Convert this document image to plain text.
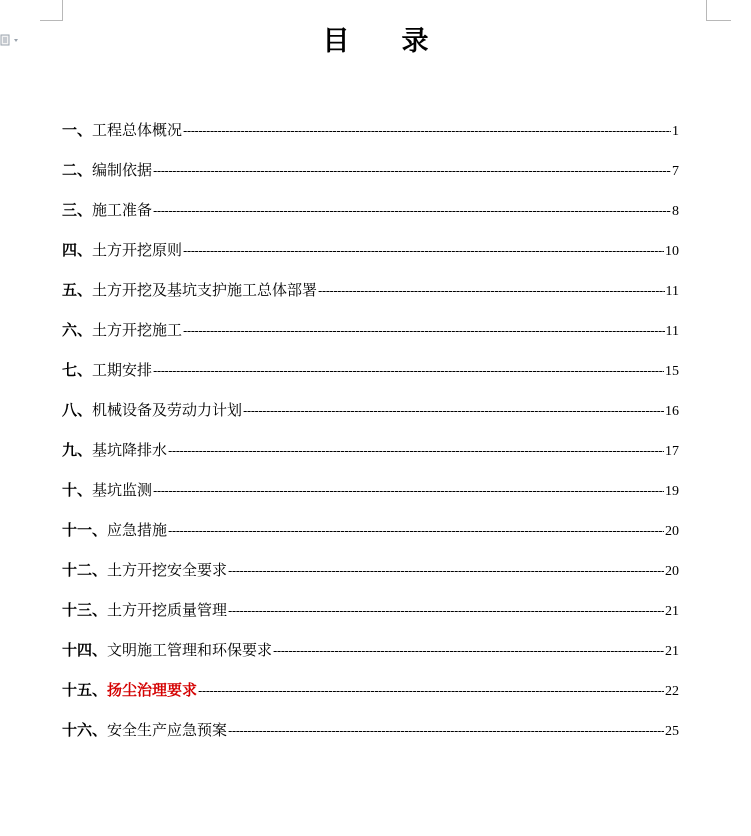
目 录
一、 工程总体概况 -----	1
二、 编制依据 -----	7
三、 施工准备 -----	8
四、 土方开挖原则 -----	10
五、 土方开挖及基坑支护施工总体部署 -----	11
六、 土方开挖施工 -----	11
七、 工期安排 -----	15
八、 机械设备及劳动力计划 -----	16
九、 基坑降排水 -----	17
十、 基坑监测 -----	19
十一、 应急措施 -----	20
十二、 土方开挖安全要求 -----	20
十三、 土方开挖质量管理 -----	21
十四、 文明施工管理和环保要求 -----	21
十五、 扬尘治理要求 -----	22
十六、 安全生产应急预案 -----	25
